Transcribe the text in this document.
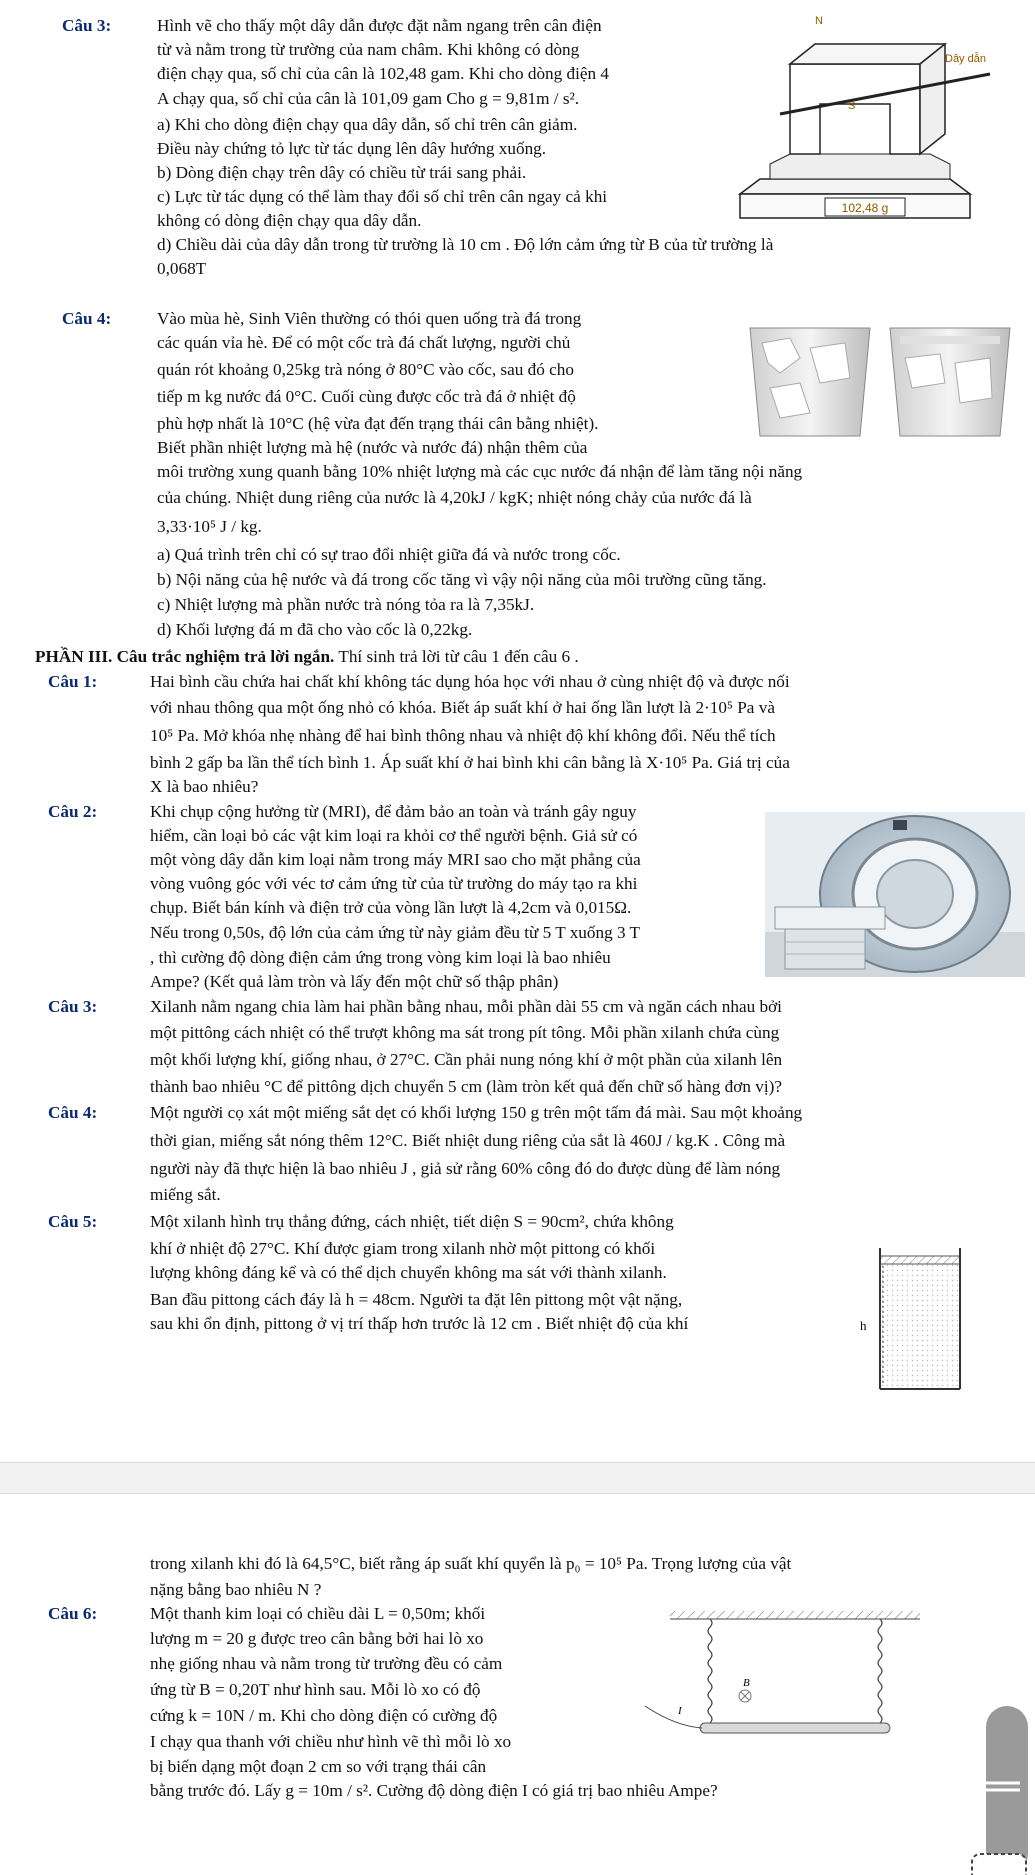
Câu 3:	Hình vẽ cho thấy một dây dẫn được đặt nằm ngang trên cân điện
từ và nằm trong từ trường của nam châm. Khi không có dòng
điện chạy qua, số chỉ của cân là 102,48 gam. Khi cho dòng điện 4
A chạy qua, số chỉ của cân là 101,09 gam Cho g = 9,81m / s².
a) Khi cho dòng điện chạy qua dây dẫn, số chỉ trên cân giảm.
Điều này chứng tỏ lực từ tác dụng lên dây hướng xuống.
b) Dòng điện chạy trên dây có chiều từ trái sang phải.
c) Lực từ tác dụng có thể làm thay đổi số chỉ trên cân ngay cả khi
không có dòng điện chạy qua dây dẫn.
d) Chiều dài của dây dẫn trong từ trường là 10 cm . Độ lớn cảm ứng từ B của từ trường là
0,068T
102,48 g
N
S
Dây dẫn
Câu 4:	Vào mùa hè, Sinh Viên thường có thói quen uống trà đá trong
các quán vỉa hè. Để có một cốc trà đá chất lượng, người chủ
quán rót khoảng 0,25kg trà nóng ở 80°C vào cốc, sau đó cho
tiếp m kg nước đá 0°C. Cuối cùng được cốc trà đá ở nhiệt độ
phù hợp nhất là 10°C (hệ vừa đạt đến trạng thái cân bằng nhiệt).
Biết phần nhiệt lượng mà hệ (nước và nước đá) nhận thêm của
môi trường xung quanh bằng 10% nhiệt lượng mà các cục nước đá nhận để làm tăng nội năng
của chúng. Nhiệt dung riêng của nước là 4,20kJ / kgK; nhiệt nóng chảy của nước đá là
3,33·10⁵ J / kg.
a) Quá trình trên chỉ có sự trao đổi nhiệt giữa đá và nước trong cốc.
b) Nội năng của hệ nước và đá trong cốc tăng vì vậy nội năng của môi trường cũng tăng.
c) Nhiệt lượng mà phần nước trà nóng tỏa ra là 7,35kJ.
d) Khối lượng đá m đã cho vào cốc là 0,22kg.
PHẦN III. Câu trắc nghiệm trả lời ngắn. Thí sinh trả lời từ câu 1 đến câu 6 .
Câu 1:	Hai bình cầu chứa hai chất khí không tác dụng hóa học với nhau ở cùng nhiệt độ và được nối
với nhau thông qua một ống nhỏ có khóa. Biết áp suất khí ở hai ống lần lượt là 2·10⁵ Pa và
10⁵ Pa. Mở khóa nhẹ nhàng để hai bình thông nhau và nhiệt độ khí không đổi. Nếu thể tích
bình 2 gấp ba lần thể tích bình 1. Áp suất khí ở hai bình khi cân bằng là X·10⁵ Pa. Giá trị của
X là bao nhiêu?
Câu 2:	Khi chụp cộng hưởng từ (MRI), để đảm bảo an toàn và tránh gây nguy
hiểm, cần loại bỏ các vật kim loại ra khỏi cơ thể người bệnh. Giả sử có
một vòng dây dẫn kim loại nằm trong máy MRI sao cho mặt phẳng của
vòng vuông góc với véc tơ cảm ứng từ của từ trường do máy tạo ra khi
chụp. Biết bán kính và điện trở của vòng lần lượt là 4,2cm và 0,015Ω.
Nếu trong 0,50s, độ lớn của cảm ứng từ này giảm đều từ 5 T xuống 3 T
, thì cường độ dòng điện cảm ứng trong vòng kim loại là bao nhiêu
Ampe? (Kết quả làm tròn và lấy đến một chữ số thập phân)
Câu 3:	Xilanh nằm ngang chia làm hai phần bằng nhau, mỗi phần dài 55 cm và ngăn cách nhau bởi
một pittông cách nhiệt có thể trượt không ma sát trong pít tông. Mỗi phần xilanh chứa cùng
một khối lượng khí, giống nhau, ở 27°C. Cần phải nung nóng khí ở một phần của xilanh lên
thành bao nhiêu °C để pittông dịch chuyển 5 cm (làm tròn kết quả đến chữ số hàng đơn vị)?
Câu 4:	Một người cọ xát một miếng sắt dẹt có khối lượng 150 g trên một tấm đá mài. Sau một khoảng
thời gian, miếng sắt nóng thêm 12°C. Biết nhiệt dung riêng của sắt là 460J / kg.K . Công mà
người này đã thực hiện là bao nhiêu J , giả sử rằng 60% công đó do được dùng để làm nóng
miếng sắt.
Câu 5:	Một xilanh hình trụ thẳng đứng, cách nhiệt, tiết diện S = 90cm², chứa không
khí ở nhiệt độ 27°C. Khí được giam trong xilanh nhờ một pittong có khối
lượng không đáng kể và có thể dịch chuyển không ma sát với thành xilanh.
Ban đầu pittong cách đáy là h = 48cm. Người ta đặt lên pittong một vật nặng,
sau khi ổn định, pittong ở vị trí thấp hơn trước là 12 cm . Biết nhiệt độ của khí	h
trong xilanh khi đó là 64,5°C, biết rằng áp suất khí quyển là p₀ = 10⁵ Pa. Trọng lượng của vật
nặng bằng bao nhiêu N ?
Câu 6:	Một thanh kim loại có chiều dài L = 0,50m; khối
lượng m = 20 g được treo cân bằng bởi hai lò xo
nhẹ giống nhau và nằm trong từ trường đều có cảm
ứng từ B = 0,20T như hình sau. Mỗi lò xo có độ
cứng k = 10N / m. Khi cho dòng điện có cường độ
I chạy qua thanh với chiều như hình vẽ thì mỗi lò xo
bị biến dạng một đoạn 2 cm so với trạng thái cân
bằng trước đó. Lấy g = 10m / s². Cường độ dòng điện I có giá trị bao nhiêu Ampe?
B
I
